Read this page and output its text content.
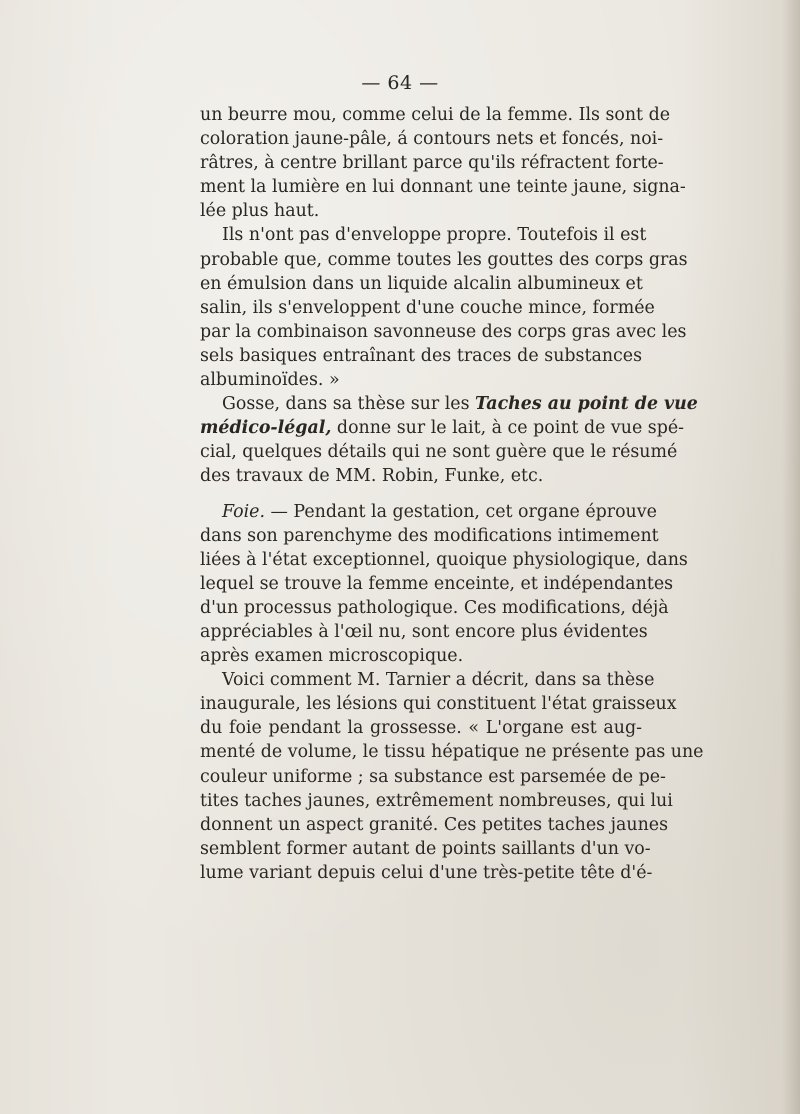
— 64 —

un beurre mou, comme celui de la femme. Ils sont de
coloration jaune-pâle, á contours nets et foncés, noi-
râtres, à centre brillant parce qu'ils réfractent forte-
ment la lumière en lui donnant une teinte jaune, signa-
lée plus haut.

Ils n'ont pas d'enveloppe propre. Toutefois il est
probable que, comme toutes les gouttes des corps gras
en émulsion dans un liquide alcalin albumineux et
salin, ils s'enveloppent d'une couche mince, formée
par la combinaison savonneuse des corps gras avec les
sels basiques entraînant des traces de substances
albuminoïdes. »

Gosse, dans sa thèse sur les Taches au point de vue
médico-légal, donne sur le lait, à ce point de vue spé-
cial, quelques détails qui ne sont guère que le résumé
des travaux de MM. Robin, Funke, etc.

Foie. — Pendant la gestation, cet organe éprouve
dans son parenchyme des modifications intimement
liées à l'état exceptionnel, quoique physiologique, dans
lequel se trouve la femme enceinte, et indépendantes
d'un processus pathologique. Ces modifications, déjà
appréciables à l'œil nu, sont encore plus évidentes
après examen microscopique.

Voici comment M. Tarnier a décrit, dans sa thèse
inaugurale, les lésions qui constituent l'état graisseux
du foie pendant la grossesse. « L'organe est aug-
menté de volume, le tissu hépatique ne présente pas une
couleur uniforme ; sa substance est parsemée de pe-
tites taches jaunes, extrêmement nombreuses, qui lui
donnent un aspect granité. Ces petites taches jaunes
semblent former autant de points saillants d'un vo-
lume variant depuis celui d'une très-petite tête d'é-
